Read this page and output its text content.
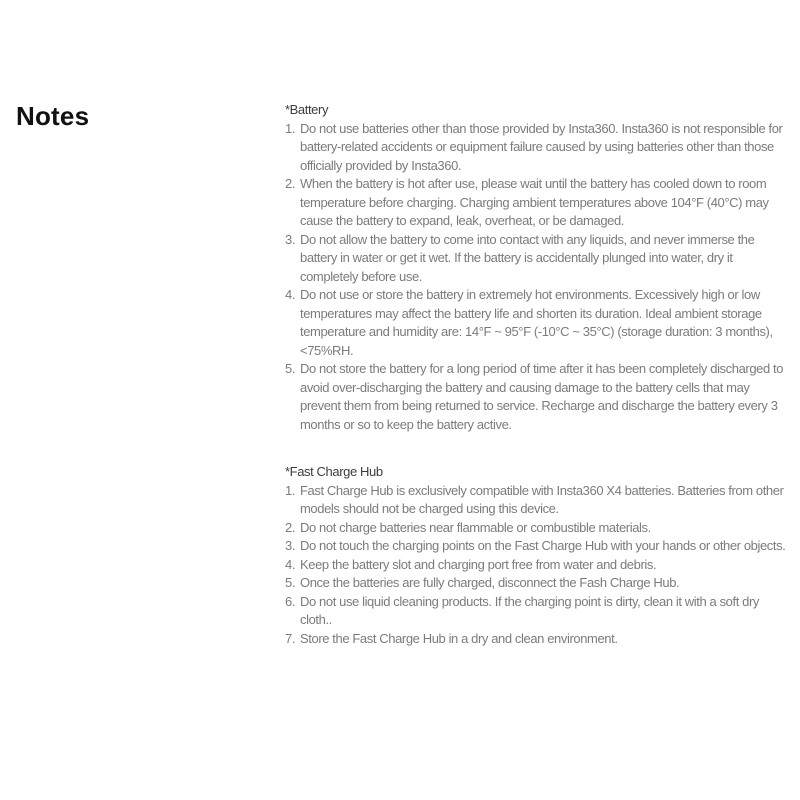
Notes	*Battery
Do not use batteries other than those provided by Insta360. Insta360 is not responsible for battery-related accidents or equipment failure caused by using batteries other than those officially provided by Insta360.
When the battery is hot after use, please wait until the battery has cooled down to room temperature before charging. Charging ambient temperatures above 104°F (40°C) may cause the battery to expand, leak, overheat, or be damaged.
Do not allow the battery to come into contact with any liquids, and never immerse the battery in water or get it wet. If the battery is accidentally plunged into water, dry it completely before use.
Do not use or store the battery in extremely hot environments. Excessively high or low temperatures may affect the battery life and shorten its duration. Ideal ambient storage temperature and humidity are: 14°F ~ 95°F (-10°C ~ 35°C) (storage duration: 3 months), <75%RH.
Do not store the battery for a long period of time after it has been completely discharged to avoid over-discharging the battery and causing damage to the battery cells that may prevent them from being returned to service. Recharge and discharge the battery every 3 months or so to keep the battery active.
*Fast Charge Hub
Fast Charge Hub is exclusively compatible with Insta360 X4 batteries. Batteries from other models should not be charged using this device.
Do not charge batteries near flammable or combustible materials.
Do not touch the charging points on the Fast Charge Hub with your hands or other objects.
Keep the battery slot and charging port free from water and debris.
Once the batteries are fully charged, disconnect the Fash Charge Hub.
Do not use liquid cleaning products. If the charging point is dirty, clean it with a soft dry cloth..
Store the Fast Charge Hub in a dry and clean environment.
